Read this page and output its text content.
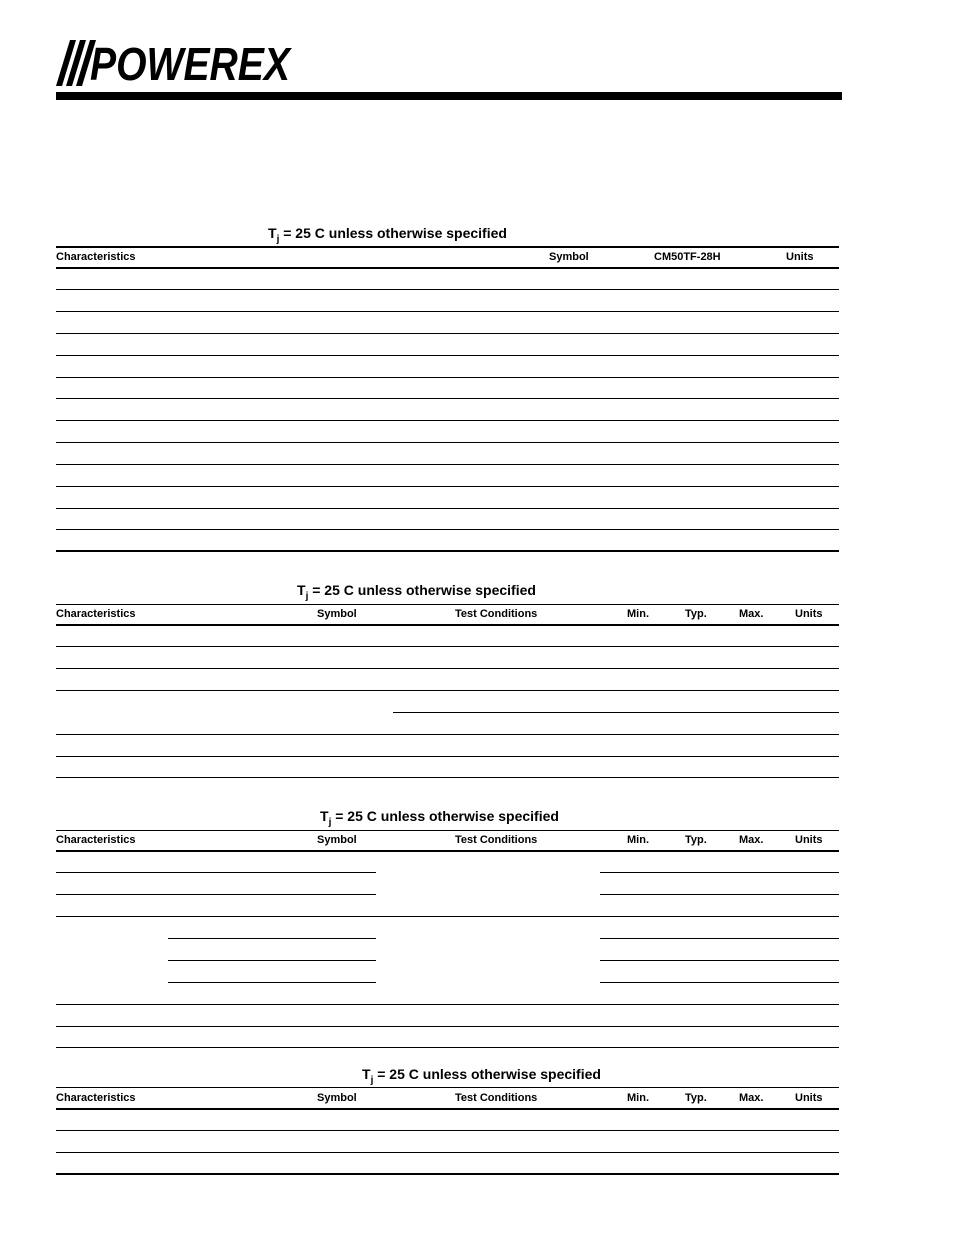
POWEREX
$T_j = 25$ C unless otherwise specified
Characteristics	Symbol	CM50TF-28H	Units
$T_j = 25$ C unless otherwise specified
Characteristics	Symbol	Test Conditions	Min.	Typ.	Max.	Units
$T_j = 25$ C unless otherwise specified
Characteristics	Symbol	Test Conditions	Min.	Typ.	Max.	Units
$T_j = 25$ C unless otherwise specified
Characteristics	Symbol	Test Conditions	Min.	Typ.	Max.	Units
